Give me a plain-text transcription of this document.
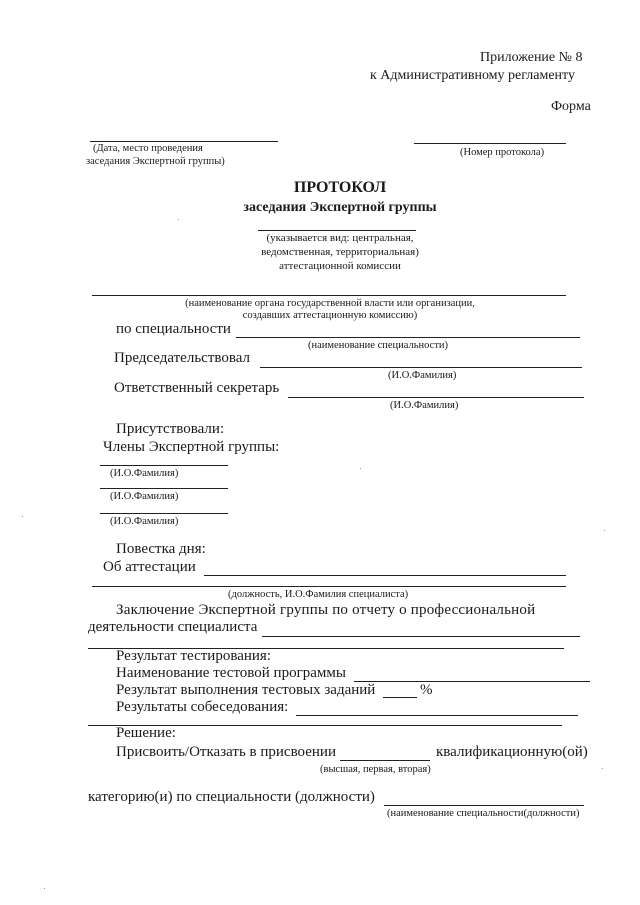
Приложение № 8
к Административному регламенту
Форма
(Дата, место проведения
заседания Экспертной группы)
(Номер протокола)
ПРОТОКОЛ
заседания Экспертной группы
(указывается вид: центральная,
ведомственная, территориальная)
аттестационной комиссии
(наименование органа государственной власти или организации,
создавших аттестационную комиссию)
по специальности
(наименование специальности)
Председательствовал
(И.О.Фамилия)
Ответственный секретарь
(И.О.Фамилия)
Присутствовали:
Члены Экспертной группы:
(И.О.Фамилия)
(И.О.Фамилия)
(И.О.Фамилия)
Повестка дня:
Об аттестации
(должность, И.О.Фамилия специалиста)
Заключение Экспертной группы по отчету о профессиональной
деятельности специалиста
Результат тестирования:
Наименование тестовой программы
Результат выполнения тестовых заданий	%
Результаты собеседования:
Решение:
Присвоить/Отказать в присвоении	квалификационную(ой)
(высшая, первая, вторая)
категорию(и) по специальности (должности)
(наименование специальности(должности)
